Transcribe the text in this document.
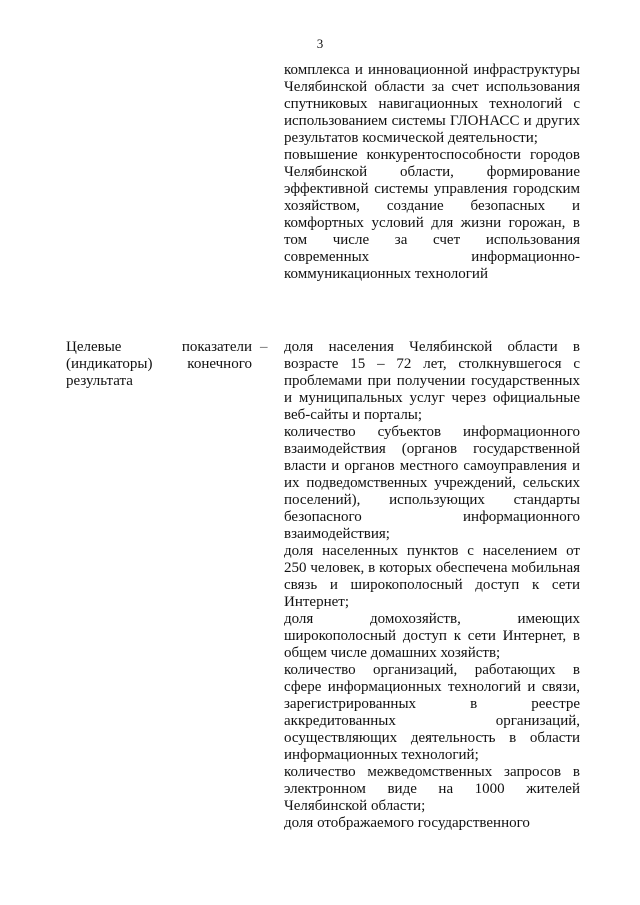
3
комплекса и инновационной инфраструктуры Челябинской области за счет использования спутниковых навигационных технологий с использованием системы ГЛОНАСС и других результатов космической деятельности;
повышение конкурентоспособности городов Челябинской области, формирование эффективной системы управления городским хозяйством, создание безопасных и комфортных условий для жизни горожан, в том числе за счет использования современных информационно-коммуникационных технологий
Целевые показатели (индикаторы) конечного результата
– доля населения Челябинской области в возрасте 15 – 72 лет, столкнувшегося с проблемами при получении государственных и муниципальных услуг через официальные веб-сайты и порталы;
количество субъектов информационного взаимодействия (органов государственной власти и органов местного самоуправления и их подведомственных учреждений, сельских поселений), использующих стандарты безопасного информационного взаимодействия;
доля населенных пунктов с населением от 250 человек, в которых обеспечена мобильная связь и широкополосный доступ к сети Интернет;
доля домохозяйств, имеющих широкополосный доступ к сети Интернет, в общем числе домашних хозяйств;
количество организаций, работающих в сфере информационных технологий и связи, зарегистрированных в реестре аккредитованных организаций, осуществляющих деятельность в области информационных технологий;
количество межведомственных запросов в электронном виде на 1000 жителей Челябинской области;
доля отображаемого государственного
